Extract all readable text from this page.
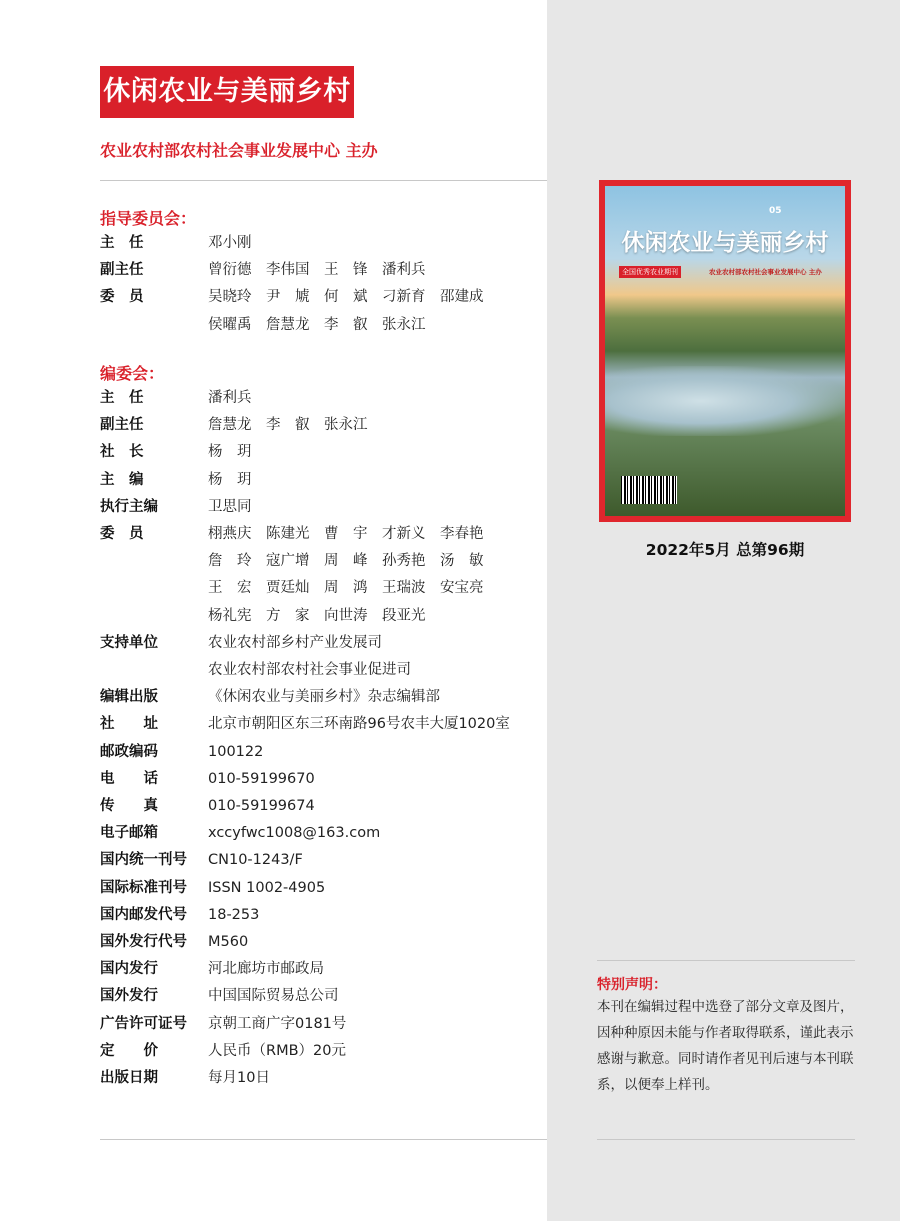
休闲农业与美丽乡村
农业农村部农村社会事业发展中心 主办
指导委员会：
主　任	邓小刚
副主任	曾衍德　李伟国　王　锋　潘利兵
委　员	吴晓玲　尹　虓　何　斌　刁新育　邵建成
侯曜禹　詹慧龙　李　叡　张永江
编委会：
主　任	潘利兵
副主任	詹慧龙　李　叡　张永江
社　长	杨　玥
主　编	杨　玥
执行主编	卫思同
委　员	栩燕庆　陈建光　曹　宇　才新义　李春艳
詹　玲　寇广增　周　峰　孙秀艳　汤　敏
王　宏　贾廷灿　周　鸿　王瑞波　安宝亮
杨礼宪　方　家　向世涛　段亚光
支持单位	农业农村部乡村产业发展司
农业农村部农村社会事业促进司
编辑出版	《休闲农业与美丽乡村》杂志编辑部
社　　址	北京市朝阳区东三环南路96号农丰大厦1020室
邮政编码	100122
电　　话	010-59199670
传　　真	010-59199674
电子邮箱	xccyfwc1008@163.com
国内统一刊号	CN10-1243/F
国际标准刊号	ISSN 1002-4905
国内邮发代号	18-253
国外发行代号	M560
国内发行	河北廊坊市邮政局
国外发行	中国国际贸易总公司
广告许可证号	京朝工商广字0181号
定　　价	人民币（RMB）20元
出版日期	每月10日
05
休闲农业与美丽乡村
全国优秀农业期刊	农业农村部农村社会事业发展中心 主办
2022年5月 总第96期
特别声明：
本刊在编辑过程中选登了部分文章及图片，因种种原因未能与作者取得联系，谨此表示感谢与歉意。同时请作者见刊后速与本刊联系，以便奉上样刊。
